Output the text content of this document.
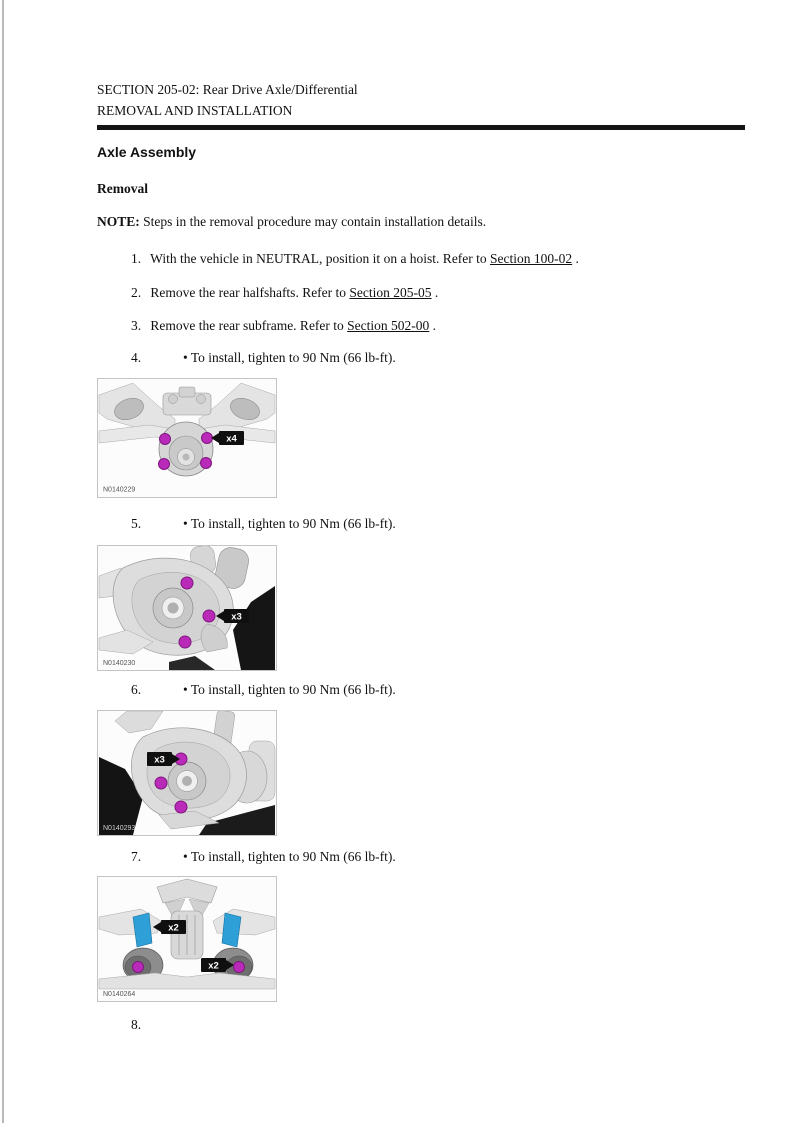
SECTION 205-02: Rear Drive Axle/Differential
REMOVAL AND INSTALLATION
Axle Assembly
Removal
NOTE: Steps in the removal procedure may contain installation details.
1. With the vehicle in NEUTRAL, position it on a hoist. Refer to Section 100-02 .
2. Remove the rear halfshafts. Refer to Section 205-05 .
3. Remove the rear subframe. Refer to Section 502-00 .
4.	• To install, tighten to 90 Nm (66 lb-ft).
x4
N0140229
5.	• To install, tighten to 90 Nm (66 lb-ft).
x3
N0140230
6.	• To install, tighten to 90 Nm (66 lb-ft).
x3
N0140293
7.	• To install, tighten to 90 Nm (66 lb-ft).
x2
x2
N0140264
8.
